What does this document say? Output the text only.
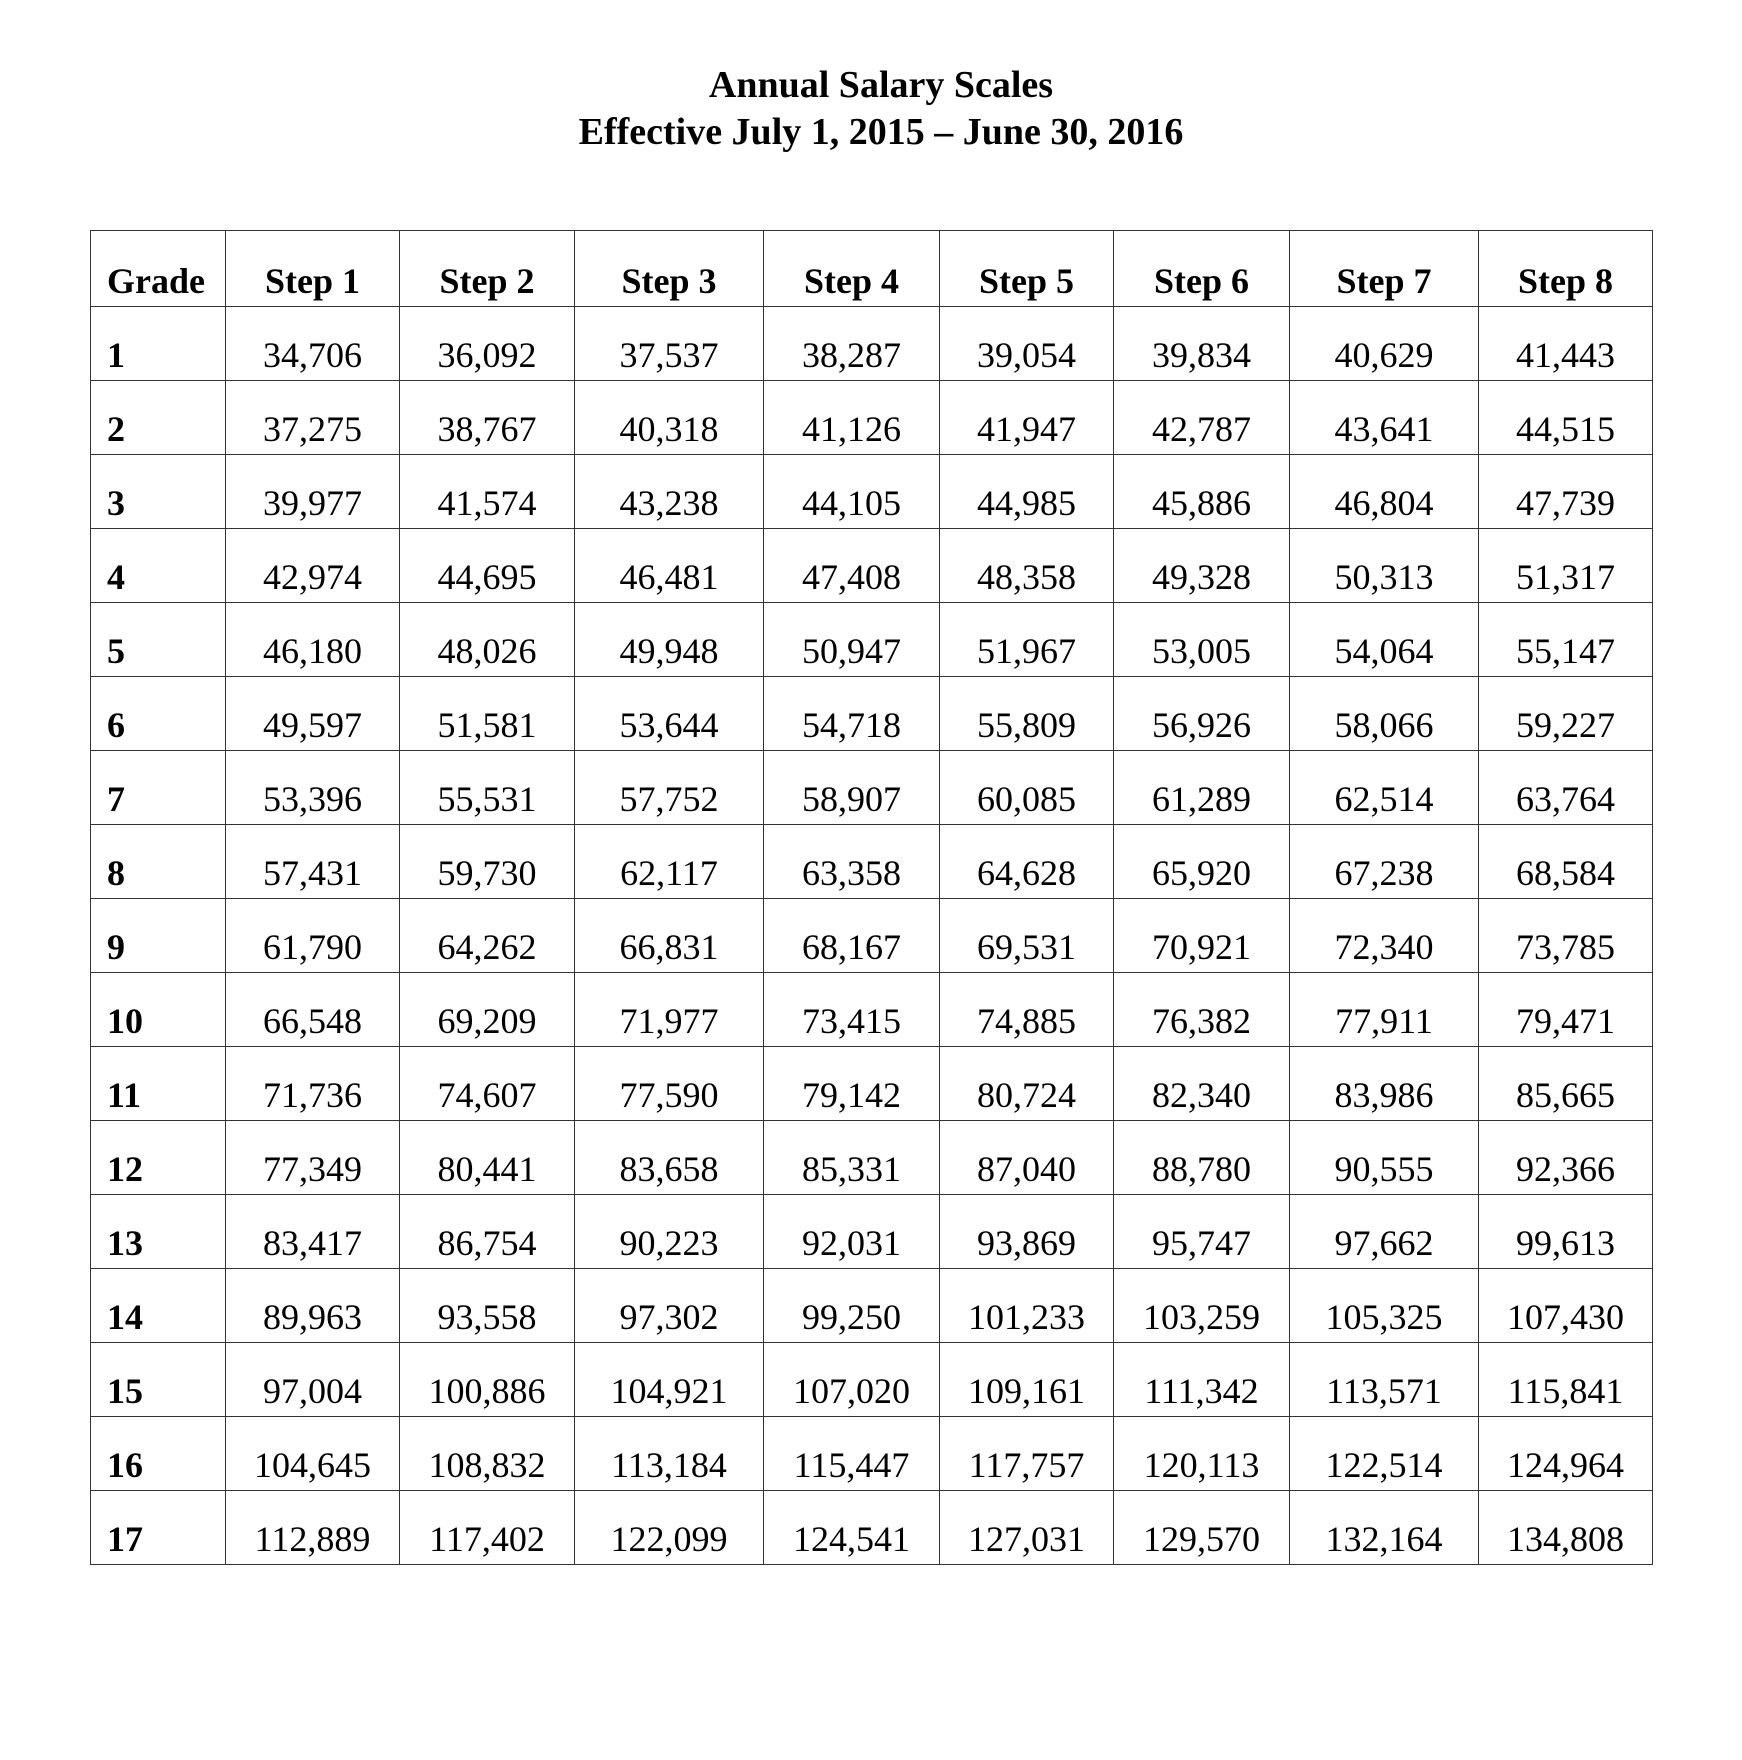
Annual Salary Scales
Effective July 1, 2015 – June 30, 2016
Grade	Step 1	Step 2	Step 3	Step 4	Step 5	Step 6	Step 7	Step 8
1	34,706	36,092	37,537	38,287	39,054	39,834	40,629	41,443
2	37,275	38,767	40,318	41,126	41,947	42,787	43,641	44,515
3	39,977	41,574	43,238	44,105	44,985	45,886	46,804	47,739
4	42,974	44,695	46,481	47,408	48,358	49,328	50,313	51,317
5	46,180	48,026	49,948	50,947	51,967	53,005	54,064	55,147
6	49,597	51,581	53,644	54,718	55,809	56,926	58,066	59,227
7	53,396	55,531	57,752	58,907	60,085	61,289	62,514	63,764
8	57,431	59,730	62,117	63,358	64,628	65,920	67,238	68,584
9	61,790	64,262	66,831	68,167	69,531	70,921	72,340	73,785
10	66,548	69,209	71,977	73,415	74,885	76,382	77,911	79,471
11	71,736	74,607	77,590	79,142	80,724	82,340	83,986	85,665
12	77,349	80,441	83,658	85,331	87,040	88,780	90,555	92,366
13	83,417	86,754	90,223	92,031	93,869	95,747	97,662	99,613
14	89,963	93,558	97,302	99,250	101,233	103,259	105,325	107,430
15	97,004	100,886	104,921	107,020	109,161	111,342	113,571	115,841
16	104,645	108,832	113,184	115,447	117,757	120,113	122,514	124,964
17	112,889	117,402	122,099	124,541	127,031	129,570	132,164	134,808
